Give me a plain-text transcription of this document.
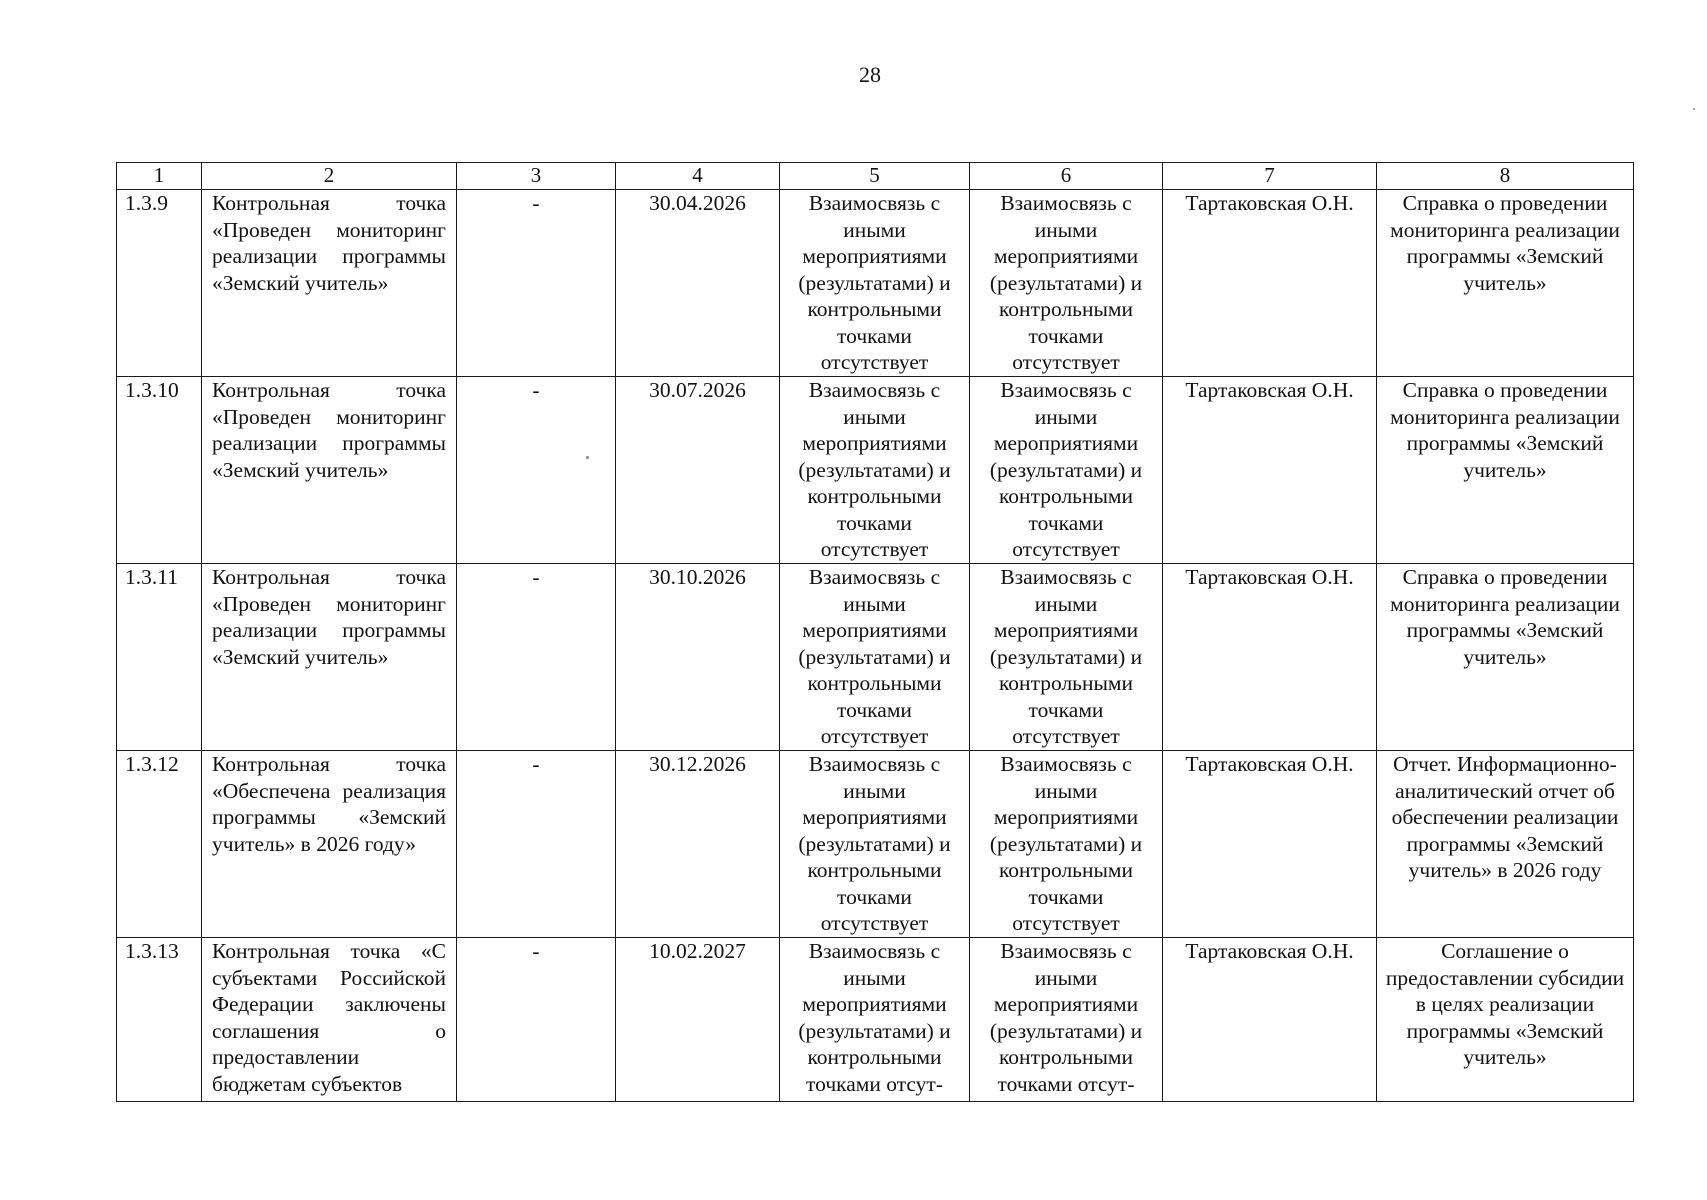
28
1	2	3	4	5	6	7	8
1.3.9	Контрольная точка «Проведен мониторинг реализации программы «Земский учитель»	-	30.04.2026	Взаимосвязь с иными мероприятиями (результатами) и контрольными точками отсутствует	Взаимосвязь с иными мероприятиями (результатами) и контрольными точками отсутствует	Тартаковская О.Н.	Справка о проведении мониторинга реализации программы «Земский учитель»
1.3.10	Контрольная точка «Проведен мониторинг реализации программы «Земский учитель»	-	30.07.2026	Взаимосвязь с иными мероприятиями (результатами) и контрольными точками отсутствует	Взаимосвязь с иными мероприятиями (результатами) и контрольными точками отсутствует	Тартаковская О.Н.	Справка о проведении мониторинга реализации программы «Земский учитель»
1.3.11	Контрольная точка «Проведен мониторинг реализации программы «Земский учитель»	-	30.10.2026	Взаимосвязь с иными мероприятиями (результатами) и контрольными точками отсутствует	Взаимосвязь с иными мероприятиями (результатами) и контрольными точками отсутствует	Тартаковская О.Н.	Справка о проведении мониторинга реализации программы «Земский учитель»
1.3.12	Контрольная точка «Обеспечена реализация программы «Земский учитель» в 2026 году»	-	30.12.2026	Взаимосвязь с иными мероприятиями (результатами) и контрольными точками отсутствует	Взаимосвязь с иными мероприятиями (результатами) и контрольными точками отсутствует	Тартаковская О.Н.	Отчет. Информационно-аналитический отчет об обеспечении реализации программы «Земский учитель» в 2026 году
1.3.13	Контрольная точка «С субъектами Российской Федерации заключены соглашения о предоставлении бюджетам субъектов	-	10.02.2027	Взаимосвязь с иными мероприятиями (результатами) и контрольными точками отсут-	Взаимосвязь с иными мероприятиями (результатами) и контрольными точками отсут-	Тартаковская О.Н.	Соглашение о предоставлении субсидии в целях реализации программы «Земский учитель»
